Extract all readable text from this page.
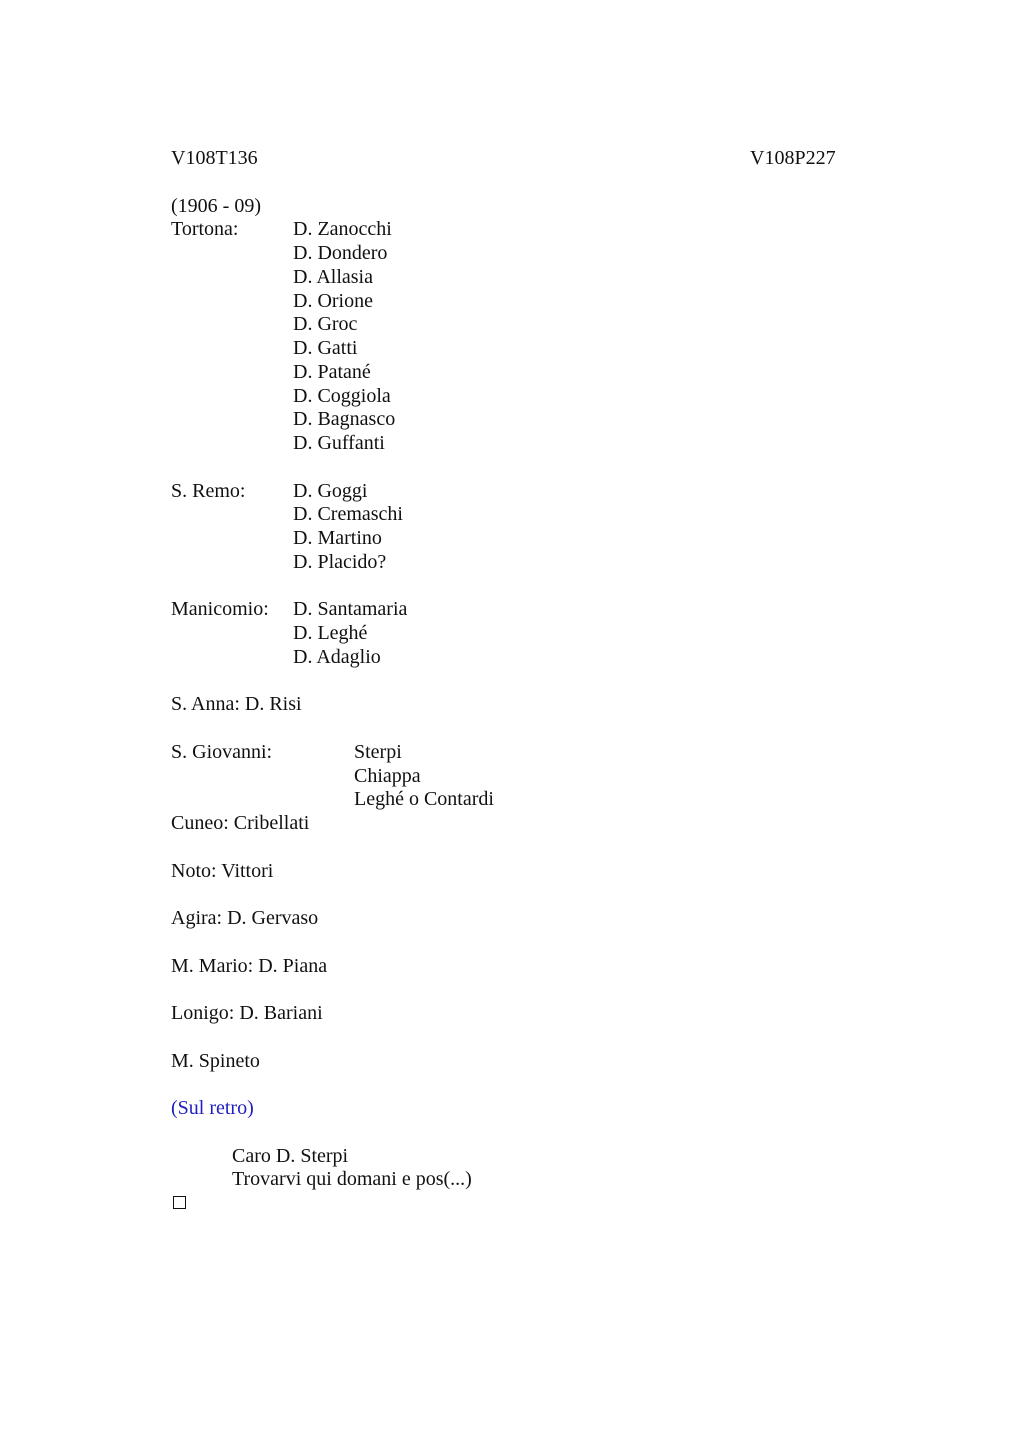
V108T136	V108P227
(1906 - 09)
Tortona:	D. Zanocchi
D. Dondero
D. Allasia
D. Orione
D. Groc
D. Gatti
D. Patané
D. Coggiola
D. Bagnasco
D. Guffanti
S. Remo: D. Goggi
D. Cremaschi
D. Martino
D. Placido?
Manicomio: D. Santamaria
D. Leghé
D. Adaglio
S. Anna: D. Risi
S. Giovanni:	Sterpi
Chiappa
Leghé o Contardi
Cuneo: Cribellati
Noto: Vittori
Agira: D. Gervaso
M. Mario: D. Piana
Lonigo: D. Bariani
M. Spineto
(Sul retro)
Caro D. Sterpi
Trovarvi qui domani e pos(...)
